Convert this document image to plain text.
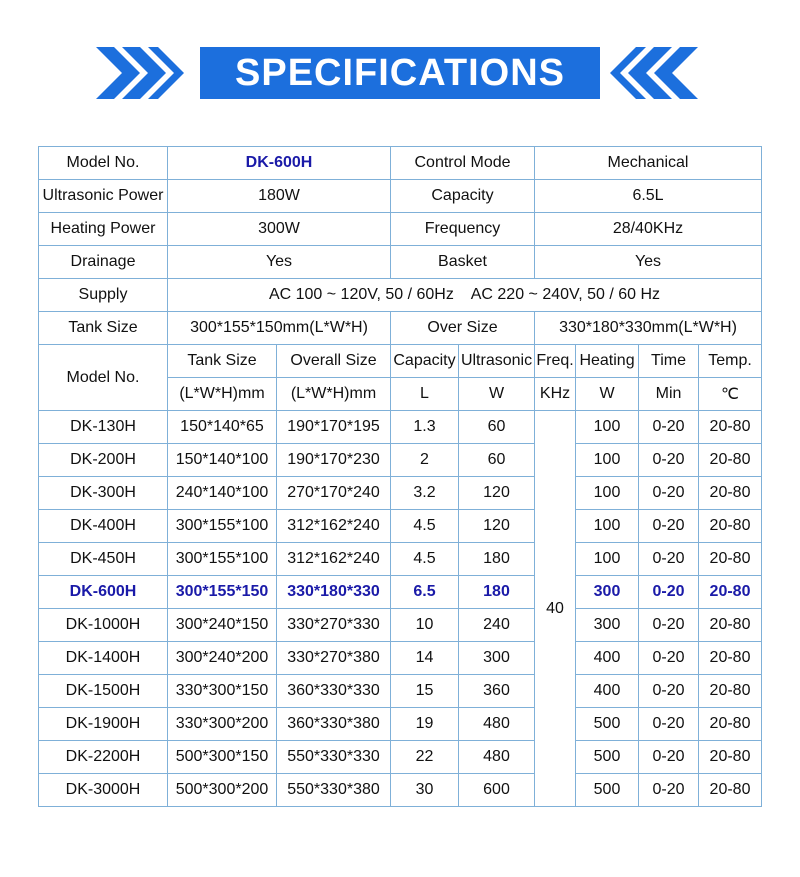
SPECIFICATIONS
Model No.	DK-600H		Control Mode		Mechanical			
Ultrasonic Power	180W		Capacity		6.5L			
Heating Power	300W		Frequency		28/40KHz			
Drainage	Yes		Basket		Yes			
Supply	AC 100 ~ 120V, 50 / 60Hz    AC 220 ~ 240V, 50 / 60 Hz							
Tank Size	300*155*150mm(L*W*H)		Over Size		330*180*330mm(L*W*H)			
Model No.	Tank Size	Overall Size	Capacity	Ultrasonic	Freq.	Heating	Time	Temp.
	(L*W*H)mm	(L*W*H)mm	L	W	KHz	W	Min	℃
DK-130H	150*140*65	190*170*195	1.3	60	40	100	0-20	20-80
DK-200H	150*140*100	190*170*230	2	60		100	0-20	20-80
DK-300H	240*140*100	270*170*240	3.2	120		100	0-20	20-80
DK-400H	300*155*100	312*162*240	4.5	120		100	0-20	20-80
DK-450H	300*155*100	312*162*240	4.5	180		100	0-20	20-80
DK-600H	300*155*150	330*180*330	6.5	180		300	0-20	20-80
DK-1000H	300*240*150	330*270*330	10	240		300	0-20	20-80
DK-1400H	300*240*200	330*270*380	14	300		400	0-20	20-80
DK-1500H	330*300*150	360*330*330	15	360		400	0-20	20-80
DK-1900H	330*300*200	360*330*380	19	480		500	0-20	20-80
DK-2200H	500*300*150	550*330*330	22	480		500	0-20	20-80
DK-3000H	500*300*200	550*330*380	30	600		500	0-20	20-80
